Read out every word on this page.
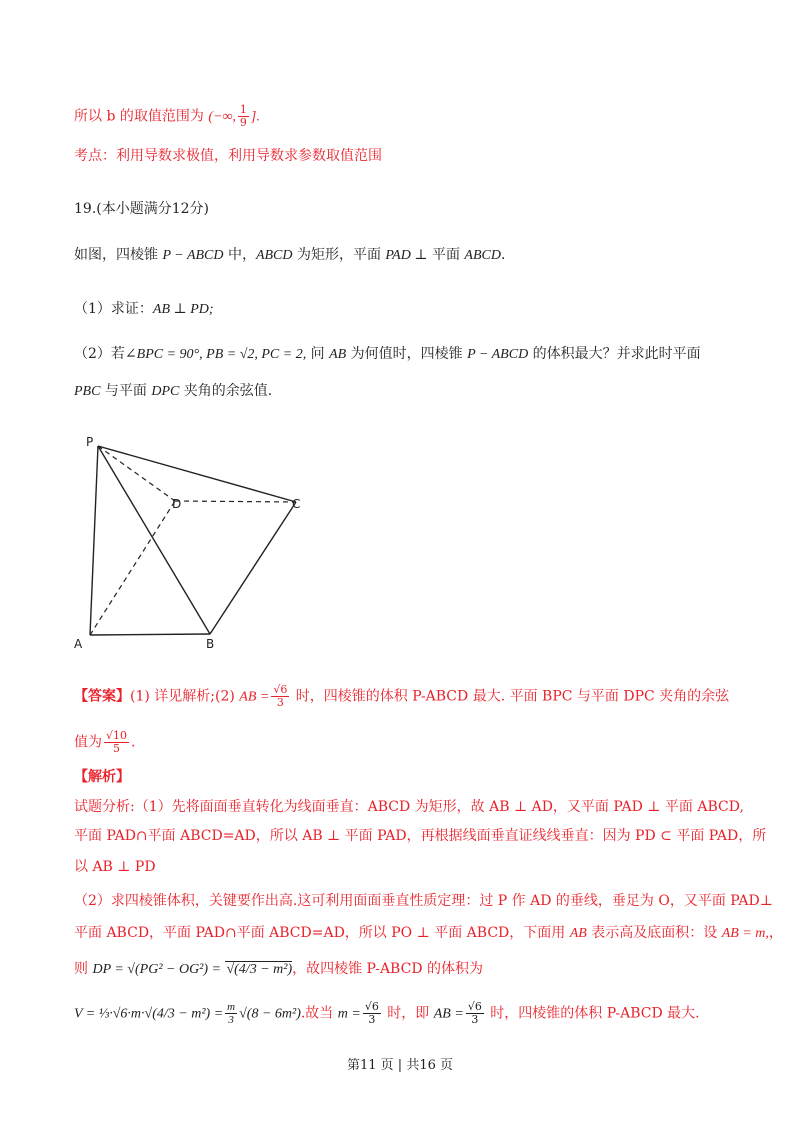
所以 b 的取值范围为 (−∞, $\frac{1}{9}$ ].
考点：利用导数求极值，利用导数求参数取值范围
19.(本小题满分12分)
如图，四棱锥 P − ABCD 中，ABCD 为矩形，平面 PAD ⊥ 平面 ABCD.
（1）求证：AB ⊥ PD;
（2）若∠BPC = 90°, PB = √2, PC = 2, 问 AB 为何值时，四棱锥 P − ABCD 的体积最大？并求此时平面
PBC 与平面 DPC 夹角的余弦值.
P
D	C
A	B
【答案】(1) 详见解析;(2) AB = $\frac{√6}{3}$ 时，四棱锥的体积 P-ABCD 最大. 平面 BPC 与平面 DPC 夹角的余弦
值为 $\frac{√10}{5}$ .
【解析】
试题分析:（1）先将面面垂直转化为线面垂直：ABCD 为矩形，故 AB ⊥ AD，又平面 PAD ⊥ 平面 ABCD,
平面 PAD∩平面 ABCD=AD，所以 AB ⊥ 平面 PAD，再根据线面垂直证线线垂直：因为 PD ⊂ 平面 PAD，所
以 AB ⊥ PD
（2）求四棱锥体积，关键要作出高.这可利用面面垂直性质定理：过 P 作 AD 的垂线，垂足为 O，又平面 PAD⊥
平面 ABCD，平面 PAD∩平面 ABCD=AD，所以 PO ⊥ 平面 ABCD，下面用 AB 表示高及底面积：设 AB = m,，
则 DP = √(PG² − OG²) = √(4/3 − m²)，故四棱锥 P-ABCD 的体积为
V = ⅓·√6·m·√(4/3 − $m^2) = \frac{m}{3} √(8 - 6m^2)$.故当 $m = \frac{√6}{3}$ 时，即 AB = $\frac{√6}{3}$ 时，四棱锥的体积 P-ABCD 最大.
第11 页 | 共16 页
